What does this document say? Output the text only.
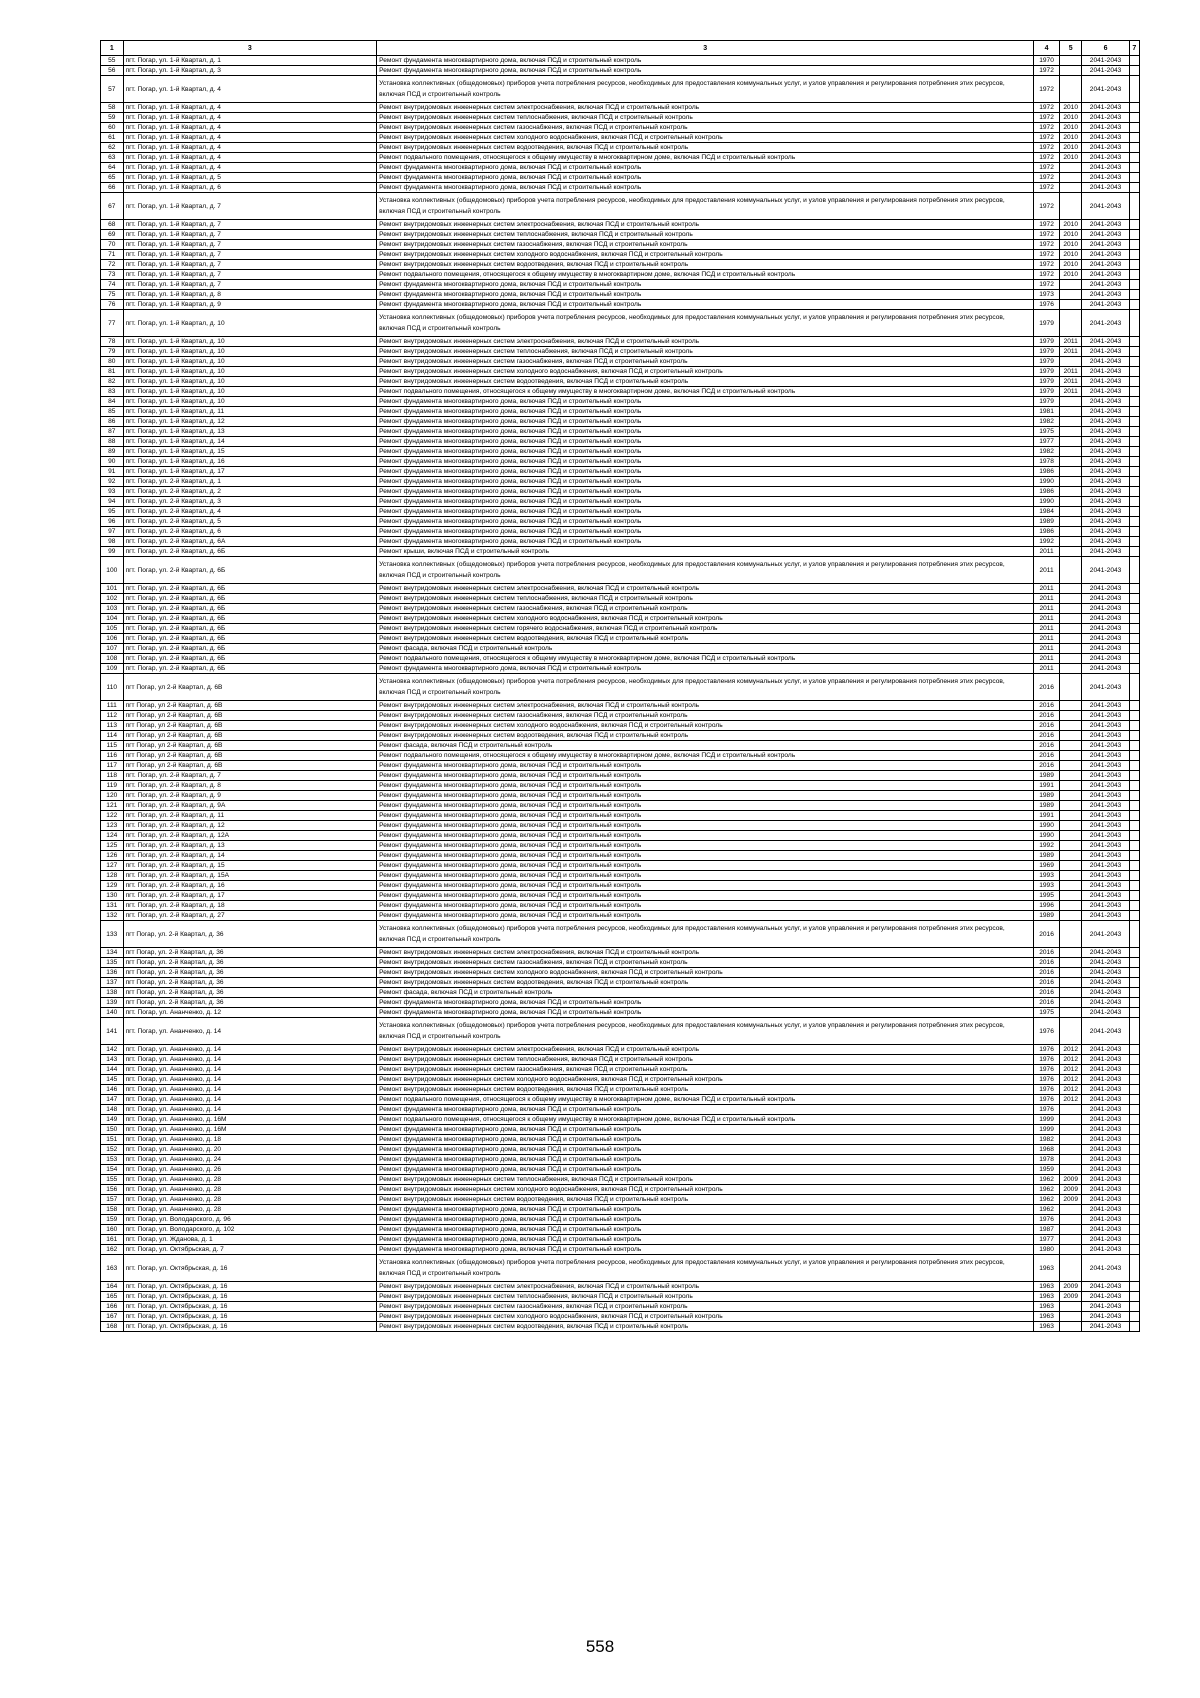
1	3	3	4	5	6	7
55	пгт. Погар, ул. 1-й Квартал, д. 1	Ремонт фундамента многоквартирного дома, включая ПСД и строительный контроль	1970		2041-2043	
56	пгт. Погар, ул. 1-й Квартал, д. 3	Ремонт фундамента многоквартирного дома, включая ПСД и строительный контроль	1972		2041-2043	
57	пгт. Погар, ул. 1-й Квартал, д. 4	Установка коллективных (общедомовых) приборов учета потребления ресурсов, необходимых для предоставления коммунальных услуг, и узлов управления и регулирования потребления этих ресурсов, включая ПСД и строительный контроль	1972		2041-2043	
58	пгт. Погар, ул. 1-й Квартал, д. 4	Ремонт внутридомовых инженерных систем электроснабжения, включая ПСД и строительный контроль	1972	2010	2041-2043	
59	пгт. Погар, ул. 1-й Квартал, д. 4	Ремонт внутридомовых инженерных систем теплоснабжения, включая ПСД и строительный контроль	1972	2010	2041-2043	
60	пгт. Погар, ул. 1-й Квартал, д. 4	Ремонт внутридомовых инженерных систем газоснабжения, включая ПСД и строительный контроль	1972	2010	2041-2043	
61	пгт. Погар, ул. 1-й Квартал, д. 4	Ремонт внутридомовых инженерных систем холодного водоснабжения, включая ПСД и строительный контроль	1972	2010	2041-2043	
62	пгт. Погар, ул. 1-й Квартал, д. 4	Ремонт внутридомовых инженерных систем водоотведения, включая ПСД и строительный контроль	1972	2010	2041-2043	
63	пгт. Погар, ул. 1-й Квартал, д. 4	Ремонт подвального помещения, относящегося к общему имуществу в многоквартирном доме, включая ПСД и строительный контроль	1972	2010	2041-2043	
64	пгт. Погар, ул. 1-й Квартал, д. 4	Ремонт фундамента многоквартирного дома, включая ПСД и строительный контроль	1972		2041-2043	
65	пгт. Погар, ул. 1-й Квартал, д. 5	Ремонт фундамента многоквартирного дома, включая ПСД и строительный контроль	1972		2041-2043	
66	пгт. Погар, ул. 1-й Квартал, д. 6	Ремонт фундамента многоквартирного дома, включая ПСД и строительный контроль	1972		2041-2043	
67	пгт. Погар, ул. 1-й Квартал, д. 7	Установка коллективных (общедомовых) приборов учета потребления ресурсов, необходимых для предоставления коммунальных услуг, и узлов управления и регулирования потребления этих ресурсов, включая ПСД и строительный контроль	1972		2041-2043	
68	пгт. Погар, ул. 1-й Квартал, д. 7	Ремонт внутридомовых инженерных систем электроснабжения, включая ПСД и строительный контроль	1972	2010	2041-2043	
69	пгт. Погар, ул. 1-й Квартал, д. 7	Ремонт внутридомовых инженерных систем теплоснабжения, включая ПСД и строительный контроль	1972	2010	2041-2043	
70	пгт. Погар, ул. 1-й Квартал, д. 7	Ремонт внутридомовых инженерных систем газоснабжения, включая ПСД и строительный контроль	1972	2010	2041-2043	
71	пгт. Погар, ул. 1-й Квартал, д. 7	Ремонт внутридомовых инженерных систем холодного водоснабжения, включая ПСД и строительный контроль	1972	2010	2041-2043	
72	пгт. Погар, ул. 1-й Квартал, д. 7	Ремонт внутридомовых инженерных систем водоотведения, включая ПСД и строительный контроль	1972	2010	2041-2043	
73	пгт. Погар, ул. 1-й Квартал, д. 7	Ремонт подвального помещения, относящегося к общему имуществу в многоквартирном доме, включая ПСД и строительный контроль	1972	2010	2041-2043	
74	пгт. Погар, ул. 1-й Квартал, д. 7	Ремонт фундамента многоквартирного дома, включая ПСД и строительный контроль	1972		2041-2043	
75	пгт. Погар, ул. 1-й Квартал, д. 8	Ремонт фундамента многоквартирного дома, включая ПСД и строительный контроль	1973		2041-2043	
76	пгт. Погар, ул. 1-й Квартал, д. 9	Ремонт фундамента многоквартирного дома, включая ПСД и строительный контроль	1976		2041-2043	
77	пгт. Погар, ул. 1-й Квартал, д. 10	Установка коллективных (общедомовых) приборов учета потребления ресурсов, необходимых для предоставления коммунальных услуг, и узлов управления и регулирования потребления этих ресурсов, включая ПСД и строительный контроль	1979		2041-2043	
78	пгт. Погар, ул. 1-й Квартал, д. 10	Ремонт внутридомовых инженерных систем электроснабжения, включая ПСД и строительный контроль	1979	2011	2041-2043	
79	пгт. Погар, ул. 1-й Квартал, д. 10	Ремонт внутридомовых инженерных систем теплоснабжения, включая ПСД и строительный контроль	1979	2011	2041-2043	
80	пгт. Погар, ул. 1-й Квартал, д. 10	Ремонт внутридомовых инженерных систем газоснабжения, включая ПСД и строительный контроль	1979		2041-2043	
81	пгт. Погар, ул. 1-й Квартал, д. 10	Ремонт внутридомовых инженерных систем холодного водоснабжения, включая ПСД и строительный контроль	1979	2011	2041-2043	
82	пгт. Погар, ул. 1-й Квартал, д. 10	Ремонт внутридомовых инженерных систем водоотведения, включая ПСД и строительный контроль	1979	2011	2041-2043	
83	пгт. Погар, ул. 1-й Квартал, д. 10	Ремонт подвального помещения, относящегося к общему имуществу в многоквартирном доме, включая ПСД и строительный контроль	1979	2011	2041-2043	
84	пгт. Погар, ул. 1-й Квартал, д. 10	Ремонт фундамента многоквартирного дома, включая ПСД и строительный контроль	1979		2041-2043	
85	пгт. Погар, ул. 1-й Квартал, д. 11	Ремонт фундамента многоквартирного дома, включая ПСД и строительный контроль	1981		2041-2043	
86	пгт. Погар, ул. 1-й Квартал, д. 12	Ремонт фундамента многоквартирного дома, включая ПСД и строительный контроль	1982		2041-2043	
87	пгт. Погар, ул. 1-й Квартал, д. 13	Ремонт фундамента многоквартирного дома, включая ПСД и строительный контроль	1975		2041-2043	
88	пгт. Погар, ул. 1-й Квартал, д. 14	Ремонт фундамента многоквартирного дома, включая ПСД и строительный контроль	1977		2041-2043	
89	пгт. Погар, ул. 1-й Квартал, д. 15	Ремонт фундамента многоквартирного дома, включая ПСД и строительный контроль	1982		2041-2043	
90	пгт. Погар, ул. 1-й Квартал, д. 16	Ремонт фундамента многоквартирного дома, включая ПСД и строительный контроль	1978		2041-2043	
91	пгт. Погар, ул. 1-й Квартал, д. 17	Ремонт фундамента многоквартирного дома, включая ПСД и строительный контроль	1986		2041-2043	
92	пгт. Погар, ул. 2-й Квартал, д. 1	Ремонт фундамента многоквартирного дома, включая ПСД и строительный контроль	1990		2041-2043	
93	пгт. Погар, ул. 2-й Квартал, д. 2	Ремонт фундамента многоквартирного дома, включая ПСД и строительный контроль	1986		2041-2043	
94	пгт. Погар, ул. 2-й Квартал, д. 3	Ремонт фундамента многоквартирного дома, включая ПСД и строительный контроль	1990		2041-2043	
95	пгт. Погар, ул. 2-й Квартал, д. 4	Ремонт фундамента многоквартирного дома, включая ПСД и строительный контроль	1984		2041-2043	
96	пгт. Погар, ул. 2-й Квартал, д. 5	Ремонт фундамента многоквартирного дома, включая ПСД и строительный контроль	1989		2041-2043	
97	пгт. Погар, ул. 2-й Квартал, д. 6	Ремонт фундамента многоквартирного дома, включая ПСД и строительный контроль	1986		2041-2043	
98	пгт. Погар, ул. 2-й Квартал, д. 6А	Ремонт фундамента многоквартирного дома, включая ПСД и строительный контроль	1992		2041-2043	
99	пгт. Погар, ул. 2-й Квартал, д. 6Б	Ремонт крыши, включая ПСД и строительный контроль	2011		2041-2043	
100	пгт. Погар, ул. 2-й Квартал, д. 6Б	Установка коллективных (общедомовых) приборов учета потребления ресурсов, необходимых для предоставления коммунальных услуг, и узлов управления и регулирования потребления этих ресурсов, включая ПСД и строительный контроль	2011		2041-2043	
101	пгт. Погар, ул. 2-й Квартал, д. 6Б	Ремонт внутридомовых инженерных систем электроснабжения, включая ПСД и строительный контроль	2011		2041-2043	
102	пгт. Погар, ул. 2-й Квартал, д. 6Б	Ремонт внутридомовых инженерных систем теплоснабжения, включая ПСД и строительный контроль	2011		2041-2043	
103	пгт. Погар, ул. 2-й Квартал, д. 6Б	Ремонт внутридомовых инженерных систем газоснабжения, включая ПСД и строительный контроль	2011		2041-2043	
104	пгт. Погар, ул. 2-й Квартал, д. 6Б	Ремонт внутридомовых инженерных систем холодного водоснабжения, включая ПСД и строительный контроль	2011		2041-2043	
105	пгт. Погар, ул. 2-й Квартал, д. 6Б	Ремонт внутридомовых инженерных систем горячего водоснабжения, включая ПСД и строительный контроль	2011		2041-2043	
106	пгт. Погар, ул. 2-й Квартал, д. 6Б	Ремонт внутридомовых инженерных систем водоотведения, включая ПСД и строительный контроль	2011		2041-2043	
107	пгт. Погар, ул. 2-й Квартал, д. 6Б	Ремонт фасада, включая ПСД и строительный контроль	2011		2041-2043	
108	пгт. Погар, ул. 2-й Квартал, д. 6Б	Ремонт подвального помещения, относящегося к общему имуществу в многоквартирном доме, включая ПСД и строительный контроль	2011		2041-2043	
109	пгт. Погар, ул. 2-й Квартал, д. 6Б	Ремонт фундамента многоквартирного дома, включая ПСД и строительный контроль	2011		2041-2043	
110	пгт Погар, ул 2-й Квартал, д. 6В	Установка коллективных (общедомовых) приборов учета потребления ресурсов, необходимых для предоставления коммунальных услуг, и узлов управления и регулирования потребления этих ресурсов, включая ПСД и строительный контроль	2016		2041-2043	
111	пгт Погар, ул 2-й Квартал, д. 6В	Ремонт внутридомовых инженерных систем электроснабжения, включая ПСД и строительный контроль	2016		2041-2043	
112	пгт Погар, ул 2-й Квартал, д. 6В	Ремонт внутридомовых инженерных систем газоснабжения, включая ПСД и строительный контроль	2016		2041-2043	
113	пгт Погар, ул 2-й Квартал, д. 6В	Ремонт внутридомовых инженерных систем холодного водоснабжения, включая ПСД и строительный контроль	2016		2041-2043	
114	пгт Погар, ул 2-й Квартал, д. 6В	Ремонт внутридомовых инженерных систем водоотведения, включая ПСД и строительный контроль	2016		2041-2043	
115	пгт Погар, ул 2-й Квартал, д. 6В	Ремонт фасада, включая ПСД и строительный контроль	2016		2041-2043	
116	пгт Погар, ул 2-й Квартал, д. 6В	Ремонт подвального помещения, относящегося к общему имуществу в многоквартирном доме, включая ПСД и строительный контроль	2016		2041-2043	
117	пгт Погар, ул 2-й Квартал, д. 6В	Ремонт фундамента многоквартирного дома, включая ПСД и строительный контроль	2016		2041-2043	
118	пгт. Погар, ул. 2-й Квартал, д. 7	Ремонт фундамента многоквартирного дома, включая ПСД и строительный контроль	1989		2041-2043	
119	пгт. Погар, ул. 2-й Квартал, д. 8	Ремонт фундамента многоквартирного дома, включая ПСД и строительный контроль	1991		2041-2043	
120	пгт. Погар, ул. 2-й Квартал, д. 9	Ремонт фундамента многоквартирного дома, включая ПСД и строительный контроль	1989		2041-2043	
121	пгт. Погар, ул. 2-й Квартал, д. 9А	Ремонт фундамента многоквартирного дома, включая ПСД и строительный контроль	1989		2041-2043	
122	пгт. Погар, ул. 2-й Квартал, д. 11	Ремонт фундамента многоквартирного дома, включая ПСД и строительный контроль	1991		2041-2043	
123	пгт. Погар, ул. 2-й Квартал, д. 12	Ремонт фундамента многоквартирного дома, включая ПСД и строительный контроль	1990		2041-2043	
124	пгт. Погар, ул. 2-й Квартал, д. 12А	Ремонт фундамента многоквартирного дома, включая ПСД и строительный контроль	1990		2041-2043	
125	пгт. Погар, ул. 2-й Квартал, д. 13	Ремонт фундамента многоквартирного дома, включая ПСД и строительный контроль	1992		2041-2043	
126	пгт. Погар, ул. 2-й Квартал, д. 14	Ремонт фундамента многоквартирного дома, включая ПСД и строительный контроль	1989		2041-2043	
127	пгт. Погар, ул. 2-й Квартал, д. 15	Ремонт фундамента многоквартирного дома, включая ПСД и строительный контроль	1969		2041-2043	
128	пгт. Погар, ул. 2-й Квартал, д. 15А	Ремонт фундамента многоквартирного дома, включая ПСД и строительный контроль	1993		2041-2043	
129	пгт. Погар, ул. 2-й Квартал, д. 16	Ремонт фундамента многоквартирного дома, включая ПСД и строительный контроль	1993		2041-2043	
130	пгт. Погар, ул. 2-й Квартал, д. 17	Ремонт фундамента многоквартирного дома, включая ПСД и строительный контроль	1995		2041-2043	
131	пгт. Погар, ул. 2-й Квартал, д. 18	Ремонт фундамента многоквартирного дома, включая ПСД и строительный контроль	1996		2041-2043	
132	пгт. Погар, ул. 2-й Квартал, д. 27	Ремонт фундамента многоквартирного дома, включая ПСД и строительный контроль	1989		2041-2043	
133	пгт Погар, ул. 2-й Квартал, д. 36	Установка коллективных (общедомовых) приборов учета потребления ресурсов, необходимых для предоставления коммунальных услуг, и узлов управления и регулирования потребления этих ресурсов, включая ПСД и строительный контроль	2016		2041-2043	
134	пгт Погар, ул. 2-й Квартал, д. 36	Ремонт внутридомовых инженерных систем электроснабжения, включая ПСД и строительный контроль	2016		2041-2043	
135	пгт Погар, ул. 2-й Квартал, д. 36	Ремонт внутридомовых инженерных систем газоснабжения, включая ПСД и строительный контроль	2016		2041-2043	
136	пгт Погар, ул. 2-й Квартал, д. 36	Ремонт внутридомовых инженерных систем холодного водоснабжения, включая ПСД и строительный контроль	2016		2041-2043	
137	пгт Погар, ул. 2-й Квартал, д. 36	Ремонт внутридомовых инженерных систем водоотведения, включая ПСД и строительный контроль	2016		2041-2043	
138	пгт Погар, ул. 2-й Квартал, д. 36	Ремонт фасада, включая ПСД и строительный контроль	2016		2041-2043	
139	пгт Погар, ул. 2-й Квартал, д. 36	Ремонт фундамента многоквартирного дома, включая ПСД и строительный контроль	2016		2041-2043	
140	пгт. Погар, ул. Ананченко, д. 12	Ремонт фундамента многоквартирного дома, включая ПСД и строительный контроль	1975		2041-2043	
141	пгт. Погар, ул. Ананченко, д. 14	Установка коллективных (общедомовых) приборов учета потребления ресурсов, необходимых для предоставления коммунальных услуг, и узлов управления и регулирования потребления этих ресурсов, включая ПСД и строительный контроль	1976		2041-2043	
142	пгт. Погар, ул. Ананченко, д. 14	Ремонт внутридомовых инженерных систем электроснабжения, включая ПСД и строительный контроль	1976	2012	2041-2043	
143	пгт. Погар, ул. Ананченко, д. 14	Ремонт внутридомовых инженерных систем теплоснабжения, включая ПСД и строительный контроль	1976	2012	2041-2043	
144	пгт. Погар, ул. Ананченко, д. 14	Ремонт внутридомовых инженерных систем газоснабжения, включая ПСД и строительный контроль	1976	2012	2041-2043	
145	пгт. Погар, ул. Ананченко, д. 14	Ремонт внутридомовых инженерных систем холодного водоснабжения, включая ПСД и строительный контроль	1976	2012	2041-2043	
146	пгт. Погар, ул. Ананченко, д. 14	Ремонт внутридомовых инженерных систем водоотведения, включая ПСД и строительный контроль	1976	2012	2041-2043	
147	пгт. Погар, ул. Ананченко, д. 14	Ремонт подвального помещения, относящегося к общему имуществу в многоквартирном доме, включая ПСД и строительный контроль	1976	2012	2041-2043	
148	пгт. Погар, ул. Ананченко, д. 14	Ремонт фундамента многоквартирного дома, включая ПСД и строительный контроль	1976		2041-2043	
149	пгт. Погар, ул. Ананченко, д. 16М	Ремонт подвального помещения, относящегося к общему имуществу в многоквартирном доме, включая ПСД и строительный контроль	1999		2041-2043	
150	пгт. Погар, ул. Ананченко, д. 16М	Ремонт фундамента многоквартирного дома, включая ПСД и строительный контроль	1999		2041-2043	
151	пгт. Погар, ул. Ананченко, д. 18	Ремонт фундамента многоквартирного дома, включая ПСД и строительный контроль	1982		2041-2043	
152	пгт. Погар, ул. Ананченко, д. 20	Ремонт фундамента многоквартирного дома, включая ПСД и строительный контроль	1968		2041-2043	
153	пгт. Погар, ул. Ананченко, д. 24	Ремонт фундамента многоквартирного дома, включая ПСД и строительный контроль	1978		2041-2043	
154	пгт. Погар, ул. Ананченко, д. 26	Ремонт фундамента многоквартирного дома, включая ПСД и строительный контроль	1959		2041-2043	
155	пгт. Погар, ул. Ананченко, д. 28	Ремонт внутридомовых инженерных систем теплоснабжения, включая ПСД и строительный контроль	1962	2009	2041-2043	
156	пгт. Погар, ул. Ананченко, д. 28	Ремонт внутридомовых инженерных систем холодного водоснабжения, включая ПСД и строительный контроль	1962	2009	2041-2043	
157	пгт. Погар, ул. Ананченко, д. 28	Ремонт внутридомовых инженерных систем водоотведения, включая ПСД и строительный контроль	1962	2009	2041-2043	
158	пгт. Погар, ул. Ананченко, д. 28	Ремонт фундамента многоквартирного дома, включая ПСД и строительный контроль	1962		2041-2043	
159	пгт. Погар, ул. Володарского, д. 96	Ремонт фундамента многоквартирного дома, включая ПСД и строительный контроль	1976		2041-2043	
160	пгт. Погар, ул. Володарского, д. 102	Ремонт фундамента многоквартирного дома, включая ПСД и строительный контроль	1987		2041-2043	
161	пгт. Погар, ул. Жданова, д. 1	Ремонт фундамента многоквартирного дома, включая ПСД и строительный контроль	1977		2041-2043	
162	пгт. Погар, ул. Октябрьская, д. 7	Ремонт фундамента многоквартирного дома, включая ПСД и строительный контроль	1980		2041-2043	
163	пгт. Погар, ул. Октябрьская, д. 16	Установка коллективных (общедомовых) приборов учета потребления ресурсов, необходимых для предоставления коммунальных услуг, и узлов управления и регулирования потребления этих ресурсов, включая ПСД и строительный контроль	1963		2041-2043	
164	пгт. Погар, ул. Октябрьская, д. 16	Ремонт внутридомовых инженерных систем электроснабжения, включая ПСД и строительный контроль	1963	2009	2041-2043	
165	пгт. Погар, ул. Октябрьская, д. 16	Ремонт внутридомовых инженерных систем теплоснабжения, включая ПСД и строительный контроль	1963	2009	2041-2043	
166	пгт. Погар, ул. Октябрьская, д. 16	Ремонт внутридомовых инженерных систем газоснабжения, включая ПСД и строительный контроль	1963		2041-2043	
167	пгт. Погар, ул. Октябрьская, д. 16	Ремонт внутридомовых инженерных систем холодного водоснабжения, включая ПСД и строительный контроль	1963		2041-2043	
168	пгт. Погар, ул. Октябрьская, д. 16	Ремонт внутридомовых инженерных систем водоотведения, включая ПСД и строительный контроль	1963		2041-2043	
558
